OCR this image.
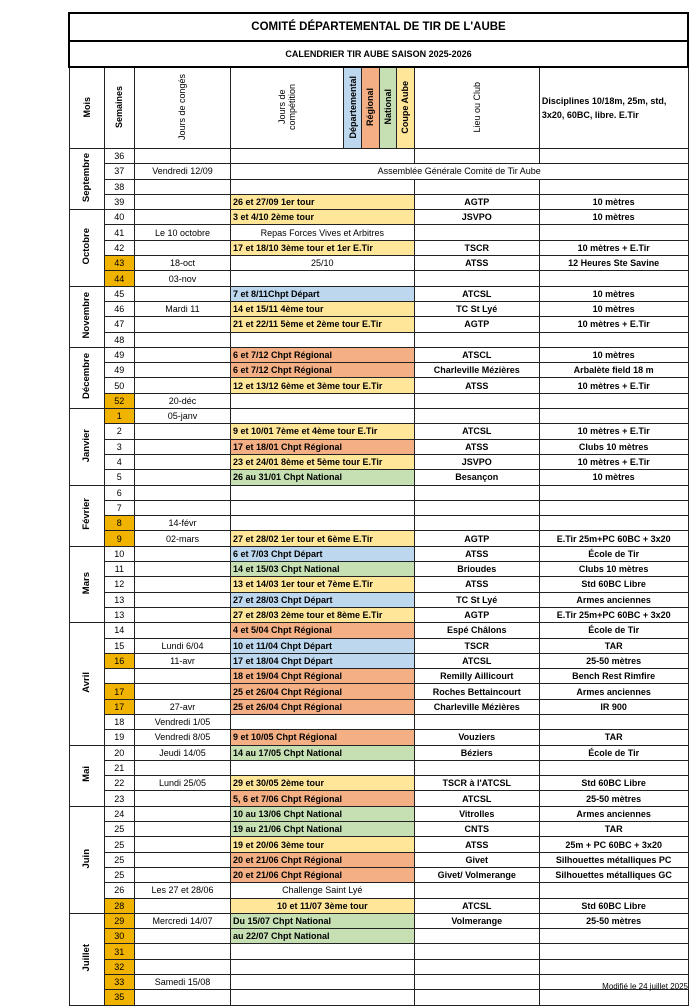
COMITÉ DÉPARTEMENTAL DE TIR DE L'AUBE									
CALENDRIER TIR AUBE SAISON 2025-2026									
Mois	Semaines	Jours de congés	Jours de compétition	Départemental	Régional	National	Coupe Aube	Lieu ou Club	Disciplines 10/18m, 25m, std, 3x20, 60BC, libre. E.Tir
Septembre	36								
	37	Vendredi 12/09	Assemblée Générale Comité de Tir Aube						
	38								
	39		26 et 27/09 1er tour					AGTP	10 mètres
Octobre	40		3 et 4/10 2ème tour					JSVPO	10 mètres
	41	Le 10 octobre	Repas Forces Vives et Arbitres						
	42		17 et 18/10 3ème tour et 1er E.Tir					TSCR	10 mètres + E.Tir
	43	18-oct	25/10					ATSS	12 Heures Ste Savine
	44	03-nov							
Novembre	45		7 et 8/11Chpt Départ					ATCSL	10 mètres
	46	Mardi 11	14 et 15/11 4ème tour					TC St Lyé	10 mètres
	47		21 et 22/11 5ème et 2ème tour E.Tir					AGTP	10 mètres + E.Tir
	48								
Décembre	49		6 et 7/12 Chpt Régional					ATSCL	10 mètres
	49		6 et 7/12 Chpt Régional					Charleville Mézières	Arbalète field 18 m
	50		12 et 13/12 6ème et 3ème tour E.Tir					ATSS	10 mètres + E.Tir
	52	20-déc							
Janvier	1	05-janv							
	2		9 et 10/01 7ème et 4ème tour E.Tir					ATCSL	10 mètres + E.Tir
	3		17 et 18/01 Chpt Régional					ATSS	Clubs 10 mètres
	4		23 et 24/01 8ème et 5ème tour E.Tir					JSVPO	10 mètres + E.Tir
	5		26 au 31/01 Chpt National					Besançon	10 mètres
Février	6								
	7								
	8	14-févr							
	9	02-mars	27 et 28/02 1er tour et 6ème E.Tir					AGTP	E.Tir 25m+PC 60BC + 3x20
Mars	10		6 et 7/03 Chpt Départ					ATSS	École de Tir
	11		14 et 15/03 Chpt National					Brioudes	Clubs 10 mètres
	12		13 et 14/03 1er tour et 7ème E.Tir					ATSS	Std 60BC Libre
	13		27 et 28/03 Chpt Départ					TC St Lyé	Armes anciennes
	13		27 et 28/03 2ème tour et 8ème E.Tir					AGTP	E.Tir 25m+PC 60BC + 3x20
Avril	14		4 et 5/04 Chpt Régional					Espé Châlons	École de Tir
	15	Lundi 6/04	10 et 11/04 Chpt Départ					TSCR	TAR
	16	11-avr	17 et 18/04 Chpt Départ					ATCSL	25-50 mètres
			18 et 19/04 Chpt Régional					Remilly Aillicourt	Bench Rest Rimfire
	17		25 et 26/04 Chpt Régional					Roches Bettaincourt	Armes anciennes
	17	27-avr	25 et 26/04 Chpt Régional					Charleville Mézières	IR 900
	18	Vendredi 1/05							
	19	Vendredi 8/05	9 et 10/05 Chpt Régional					Vouziers	TAR
Mai	20	Jeudi 14/05	14 au 17/05 Chpt National					Béziers	École de Tir
	21								
	22	Lundi 25/05	29 et 30/05 2ème tour					TSCR à l'ATCSL	Std 60BC Libre
	23		5, 6 et 7/06 Chpt Régional					ATCSL	25-50 mètres
Juin	24		10 au 13/06 Chpt National					Vitrolles	Armes anciennes
	25		19 au 21/06 Chpt National					CNTS	TAR
	25		19 et 20/06 3ème tour					ATSS	25m + PC 60BC + 3x20
	25		20 et 21/06 Chpt Régional					Givet	Silhouettes métalliques PC
	25		20 et 21/06 Chpt Régional					Givet/ Volmerange	Silhouettes métalliques GC
	26	Les 27 et 28/06	Challenge Saint Lyé						
	28		10 et 11/07 3ème tour					ATCSL	Std 60BC Libre
Juillet	29	Mercredi 14/07	Du 15/07 Chpt National					Volmerange	25-50 mètres
	30		au 22/07 Chpt National						
	31								
	32								
	33	Samedi 15/08							
	35								
Modifié le 24 juillet 2025
